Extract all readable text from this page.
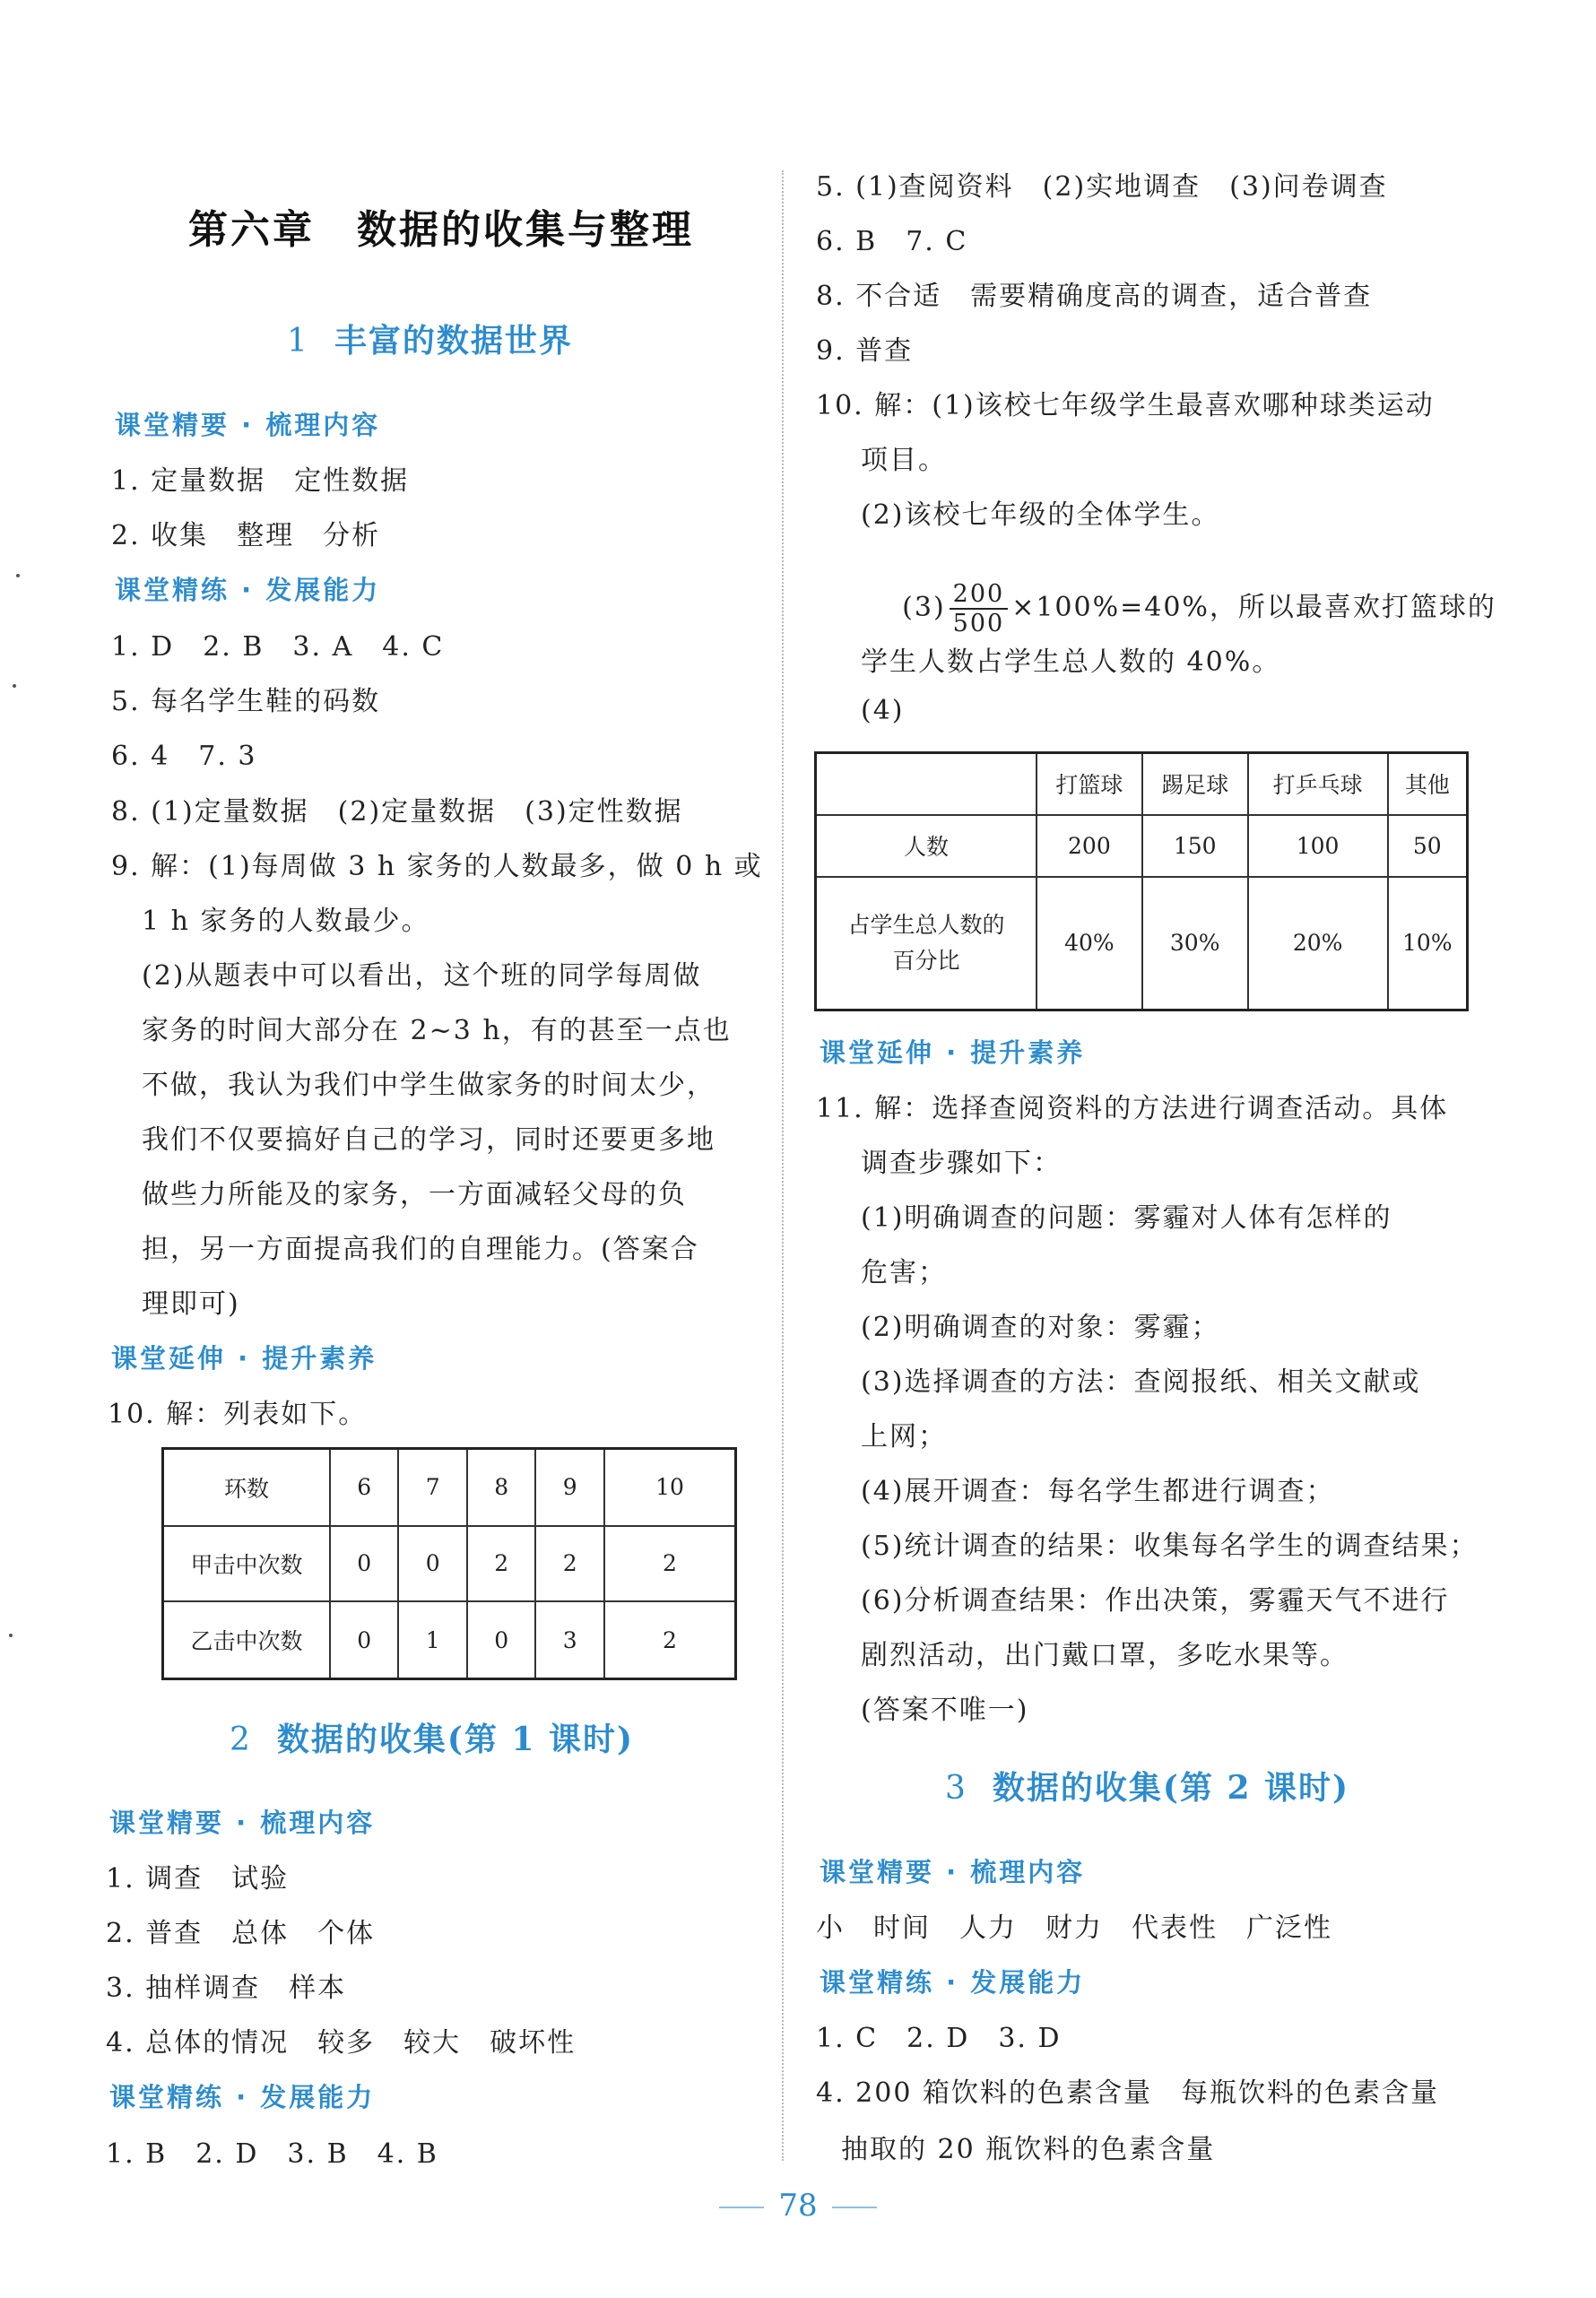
第六章　数据的收集与整理
1 丰富的数据世界
课堂精要 · 梳理内容
1. 定量数据　定性数据
2. 收集　整理　分析
课堂精练 · 发展能力
1. D　2. B　3. A　4. C
5. 每名学生鞋的码数
6. 4　7. 3
8. (1)定量数据　(2)定量数据　(3)定性数据
9. 解：(1)每周做 3 h 家务的人数最多，做 0 h 或
1 h 家务的人数最少。
(2)从题表中可以看出，这个班的同学每周做
家务的时间大部分在 2~3 h，有的甚至一点也
不做，我认为我们中学生做家务的时间太少，
我们不仅要搞好自己的学习，同时还要更多地
做些力所能及的家务，一方面减轻父母的负
担，另一方面提高我们的自理能力。(答案合
理即可)
课堂延伸 · 提升素养
10. 解：列表如下。
环数	6	7	8	9	10
甲击中次数	0	0	2	2	2
乙击中次数	0	1	0	3	2
2 数据的收集(第 1 课时)
课堂精要 · 梳理内容
1. 调查　试验
2. 普查　总体　个体
3. 抽样调查　样本
4. 总体的情况　较多　较大　破坏性
课堂精练 · 发展能力
1. B　2. D　3. B　4. B
5. (1)查阅资料　(2)实地调查　(3)问卷调查
6. B　7. C
8. 不合适　需要精确度高的调查，适合普查
9. 普查
10. 解：(1)该校七年级学生最喜欢哪种球类运动
项目。
(2)该校七年级的全体学生。

$(3) \frac{200}{500} \times 100\%=40\%$，所以最喜欢打篮球的

学生人数占学生总人数的 40%。
(4)
	打篮球	踢足球	打乒乓球	其他
人数	200	150	100	50
占学生总人数的
百分比	40%	30%	20%	10%
课堂延伸 · 提升素养
11. 解：选择查阅资料的方法进行调查活动。具体
调查步骤如下：
(1)明确调查的问题：雾霾对人体有怎样的
危害；
(2)明确调查的对象：雾霾；
(3)选择调查的方法：查阅报纸、相关文献或
上网；
(4)展开调查：每名学生都进行调查；
(5)统计调查的结果：收集每名学生的调查结果；
(6)分析调查结果：作出决策，雾霾天气不进行
剧烈活动，出门戴口罩，多吃水果等。
(答案不唯一)
3 数据的收集(第 2 课时)
课堂精要 · 梳理内容
小　时间　人力　财力　代表性　广泛性
课堂精练 · 发展能力
1. C　2. D　3. D
4. 200 箱饮料的色素含量　每瓶饮料的色素含量
抽取的 20 瓶饮料的色素含量
78
